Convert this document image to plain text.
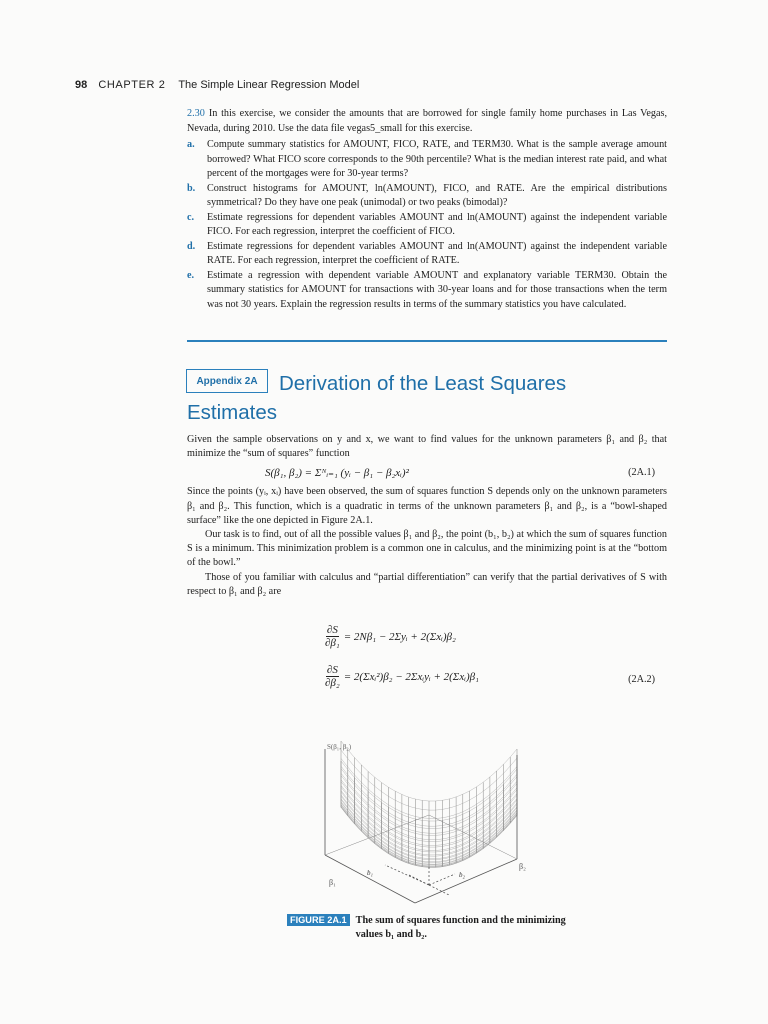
98 CHAPTER 2 The Simple Linear Regression Model
2.30 In this exercise, we consider the amounts that are borrowed for single family home purchases in Las Vegas, Nevada, during 2010. Use the data file vegas5_small for this exercise.
a. Compute summary statistics for AMOUNT, FICO, RATE, and TERM30. What is the sample average amount borrowed? What FICO score corresponds to the 90th percentile? What is the median interest rate paid, and what percent of the mortgages were for 30-year terms?
b. Construct histograms for AMOUNT, ln(AMOUNT), FICO, and RATE. Are the empirical distributions symmetrical? Do they have one peak (unimodal) or two peaks (bimodal)?
c. Estimate regressions for dependent variables AMOUNT and ln(AMOUNT) against the independent variable FICO. For each regression, interpret the coefficient of FICO.
d. Estimate regressions for dependent variables AMOUNT and ln(AMOUNT) against the independent variable RATE. For each regression, interpret the coefficient of RATE.
e. Estimate a regression with dependent variable AMOUNT and explanatory variable TERM30. Obtain the summary statistics for AMOUNT for transactions with 30-year loans and for those transactions when the term was not 30 years. Explain the regression results in terms of the summary statistics you have calculated.
Appendix 2A	Derivation of the Least Squares
Estimates

Given the sample observations on y and x, we want to find values for the unknown parameters β₁ and β₂ that minimize the “sum of squares” function

S(β₁, β₂) = Σᴺᵢ₌₁ (yᵢ − β₁ − β₂xᵢ)²	(2A.1)

Since the points (yᵢ, xᵢ) have been observed, the sum of squares function S depends only on the unknown parameters β₁ and β₂. This function, which is a quadratic in terms of the unknown parameters β₁ and β₂, is a “bowl-shaped surface” like the one depicted in Figure 2A.1.

Our task is to find, out of all the possible values β₁ and β₂, the point (b₁, b₂) at which the sum of squares function S is a minimum. This minimization problem is a common one in calculus, and the minimizing point is at the “bottom of the bowl.”

Those of you familiar with calculus and “partial differentiation” can verify that the partial derivatives of S with respect to β₁ and β₂ are

$\frac{\partial S}{\text{∂β₁}} = 2N\beta_1$ − 2Σyᵢ + 2(Σxᵢ)β₂
$\frac{\partial S}{\text{∂β₂}}$ = 2(Σxᵢ²)β₂ − 2Σxᵢyᵢ + 2(Σxᵢ)β₁	(2A.2)
S(β₁, β₂)
β₁
β₂
b₁	b₂
FIGURE 2A.1 The sum of squares function and the minimizing values b₁ and b₂.
